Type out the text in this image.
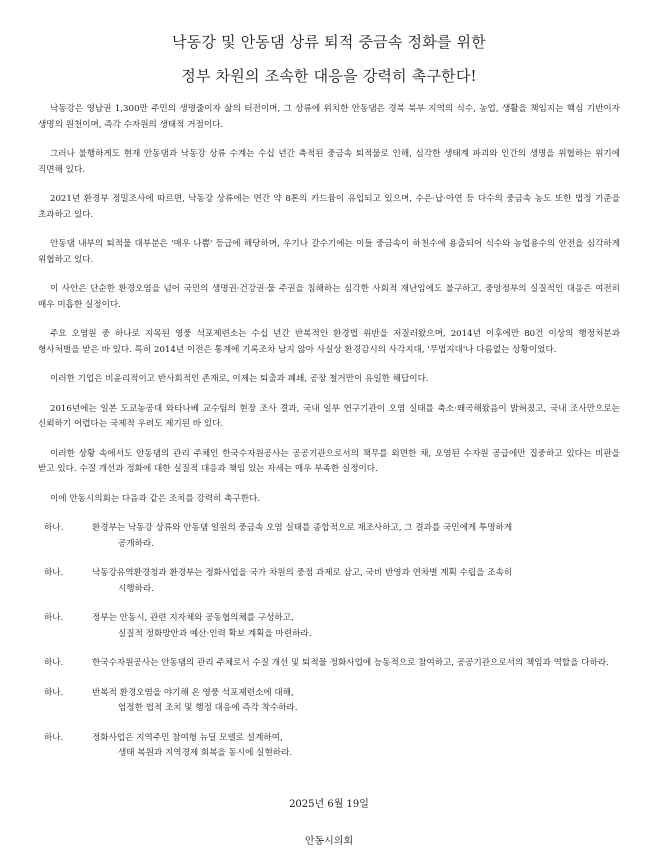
낙동강 및 안동댐 상류 퇴적 중금속 정화를 위한
정부 차원의 조속한 대응을 강력히 촉구한다!

낙동강은 영남권 1,300만 주민의 생명줄이자 삶의 터전이며, 그 상류에 위치한 안동댐은 경북 북부 지역의 식수, 농업, 생활을 책임지는 핵심 기반이자 생명의 원천이며, 즉각 수자원의 생태적 거점이다.

그러나 불행하게도 현재 안동댐과 낙동강 상류 수계는 수십 년간 축적된 중금속 퇴적물로 인해, 심각한 생태계 파괴와 인간의 생명을 위협하는 위기에 직면해 있다.

2021년 환경부 정밀조사에 따르면, 낙동강 상류에는 연간 약 8톤의 카드뮴이 유입되고 있으며, 수은·납·아연 등 다수의 중금속 농도 또한 법정 기준을 초과하고 있다.

안동댐 내부의 퇴적물 대부분은 '매우 나쁨' 등급에 해당하며, 우기나 갈수기에는 이들 중금속이 하천수에 용출되어 식수와 농업용수의 안전을 심각하게 위협하고 있다.

이 사안은 단순한 환경오염을 넘어 국민의 생명권·건강권·물 주권을 침해하는 심각한 사회적 재난임에도 불구하고, 중앙정부의 실질적인 대응은 여전히 매우 미흡한 실정이다.

주요 오염원 중 하나로 지목된 영풍 석포제련소는 수십 년간 반복적인 환경법 위반을 저질러왔으며, 2014년 이후에만 80건 이상의 행정처분과 형사처벌을 받은 바 있다. 특히 2014년 이전은 통계에 기록조차 남지 않아 사실상 환경감시의 사각지대, '무법지대'나 다름없는 상황이었다.

이러한 기업은 비윤리적이고 반사회적인 존재로, 이제는 퇴출과 폐쇄, 공장 철거만이 유일한 해답이다.

2016년에는 일본 도쿄농공대 와타나베 교수팀의 현장 조사 결과, 국내 일부 연구기관이 오염 실태를 축소·왜곡해왔음이 밝혀졌고, 국내 조사만으로는 신뢰하기 어렵다는 국제적 우려도 제기된 바 있다.

이러한 상황 속에서도 안동댐의 관리 주체인 한국수자원공사는 공공기관으로서의 책무를 외면한 채, 오염된 수자원 공급에만 집중하고 있다는 비판을 받고 있다. 수질 개선과 정화에 대한 실질적 대응과 책임 있는 자세는 매우 부족한 실정이다.

이에 안동시의회는 다음과 같은 조치를 강력히 촉구한다.

하나.	환경부는 낙동강 상류와 안동댐 일원의 중금속 오염 실태를 종합적으로 재조사하고, 그 결과를 국민에게 투명하게
공개하라.
하나.	낙동강유역환경청과 환경부는 정화사업을 국가 차원의 중점 과제로 삼고, 국비 반영과 연차별 계획 수립을 조속히
시행하라.
하나.	정부는 안동시, 관련 지자체와 공동협의체를 구성하고,
실질적 정화방안과 예산·인력 확보 계획을 마련하라.
하나.	한국수자원공사는 안동댐의 관리 주체로서 수질 개선 및 퇴적물 정화사업에 능동적으로 참여하고, 공공기관으로서의 책임과 역할을 다하라.
하나.	반복적 환경오염을 야기해 온 영풍 석포제련소에 대해,
엄정한 법적 조치 및 행정 대응에 즉각 착수하라.
하나.	정화사업은 지역주민 참여형 뉴딜 모델로 설계하여,
생태 복원과 지역경제 회복을 동시에 실현하라.
2025년 6월 19일
안동시의회
